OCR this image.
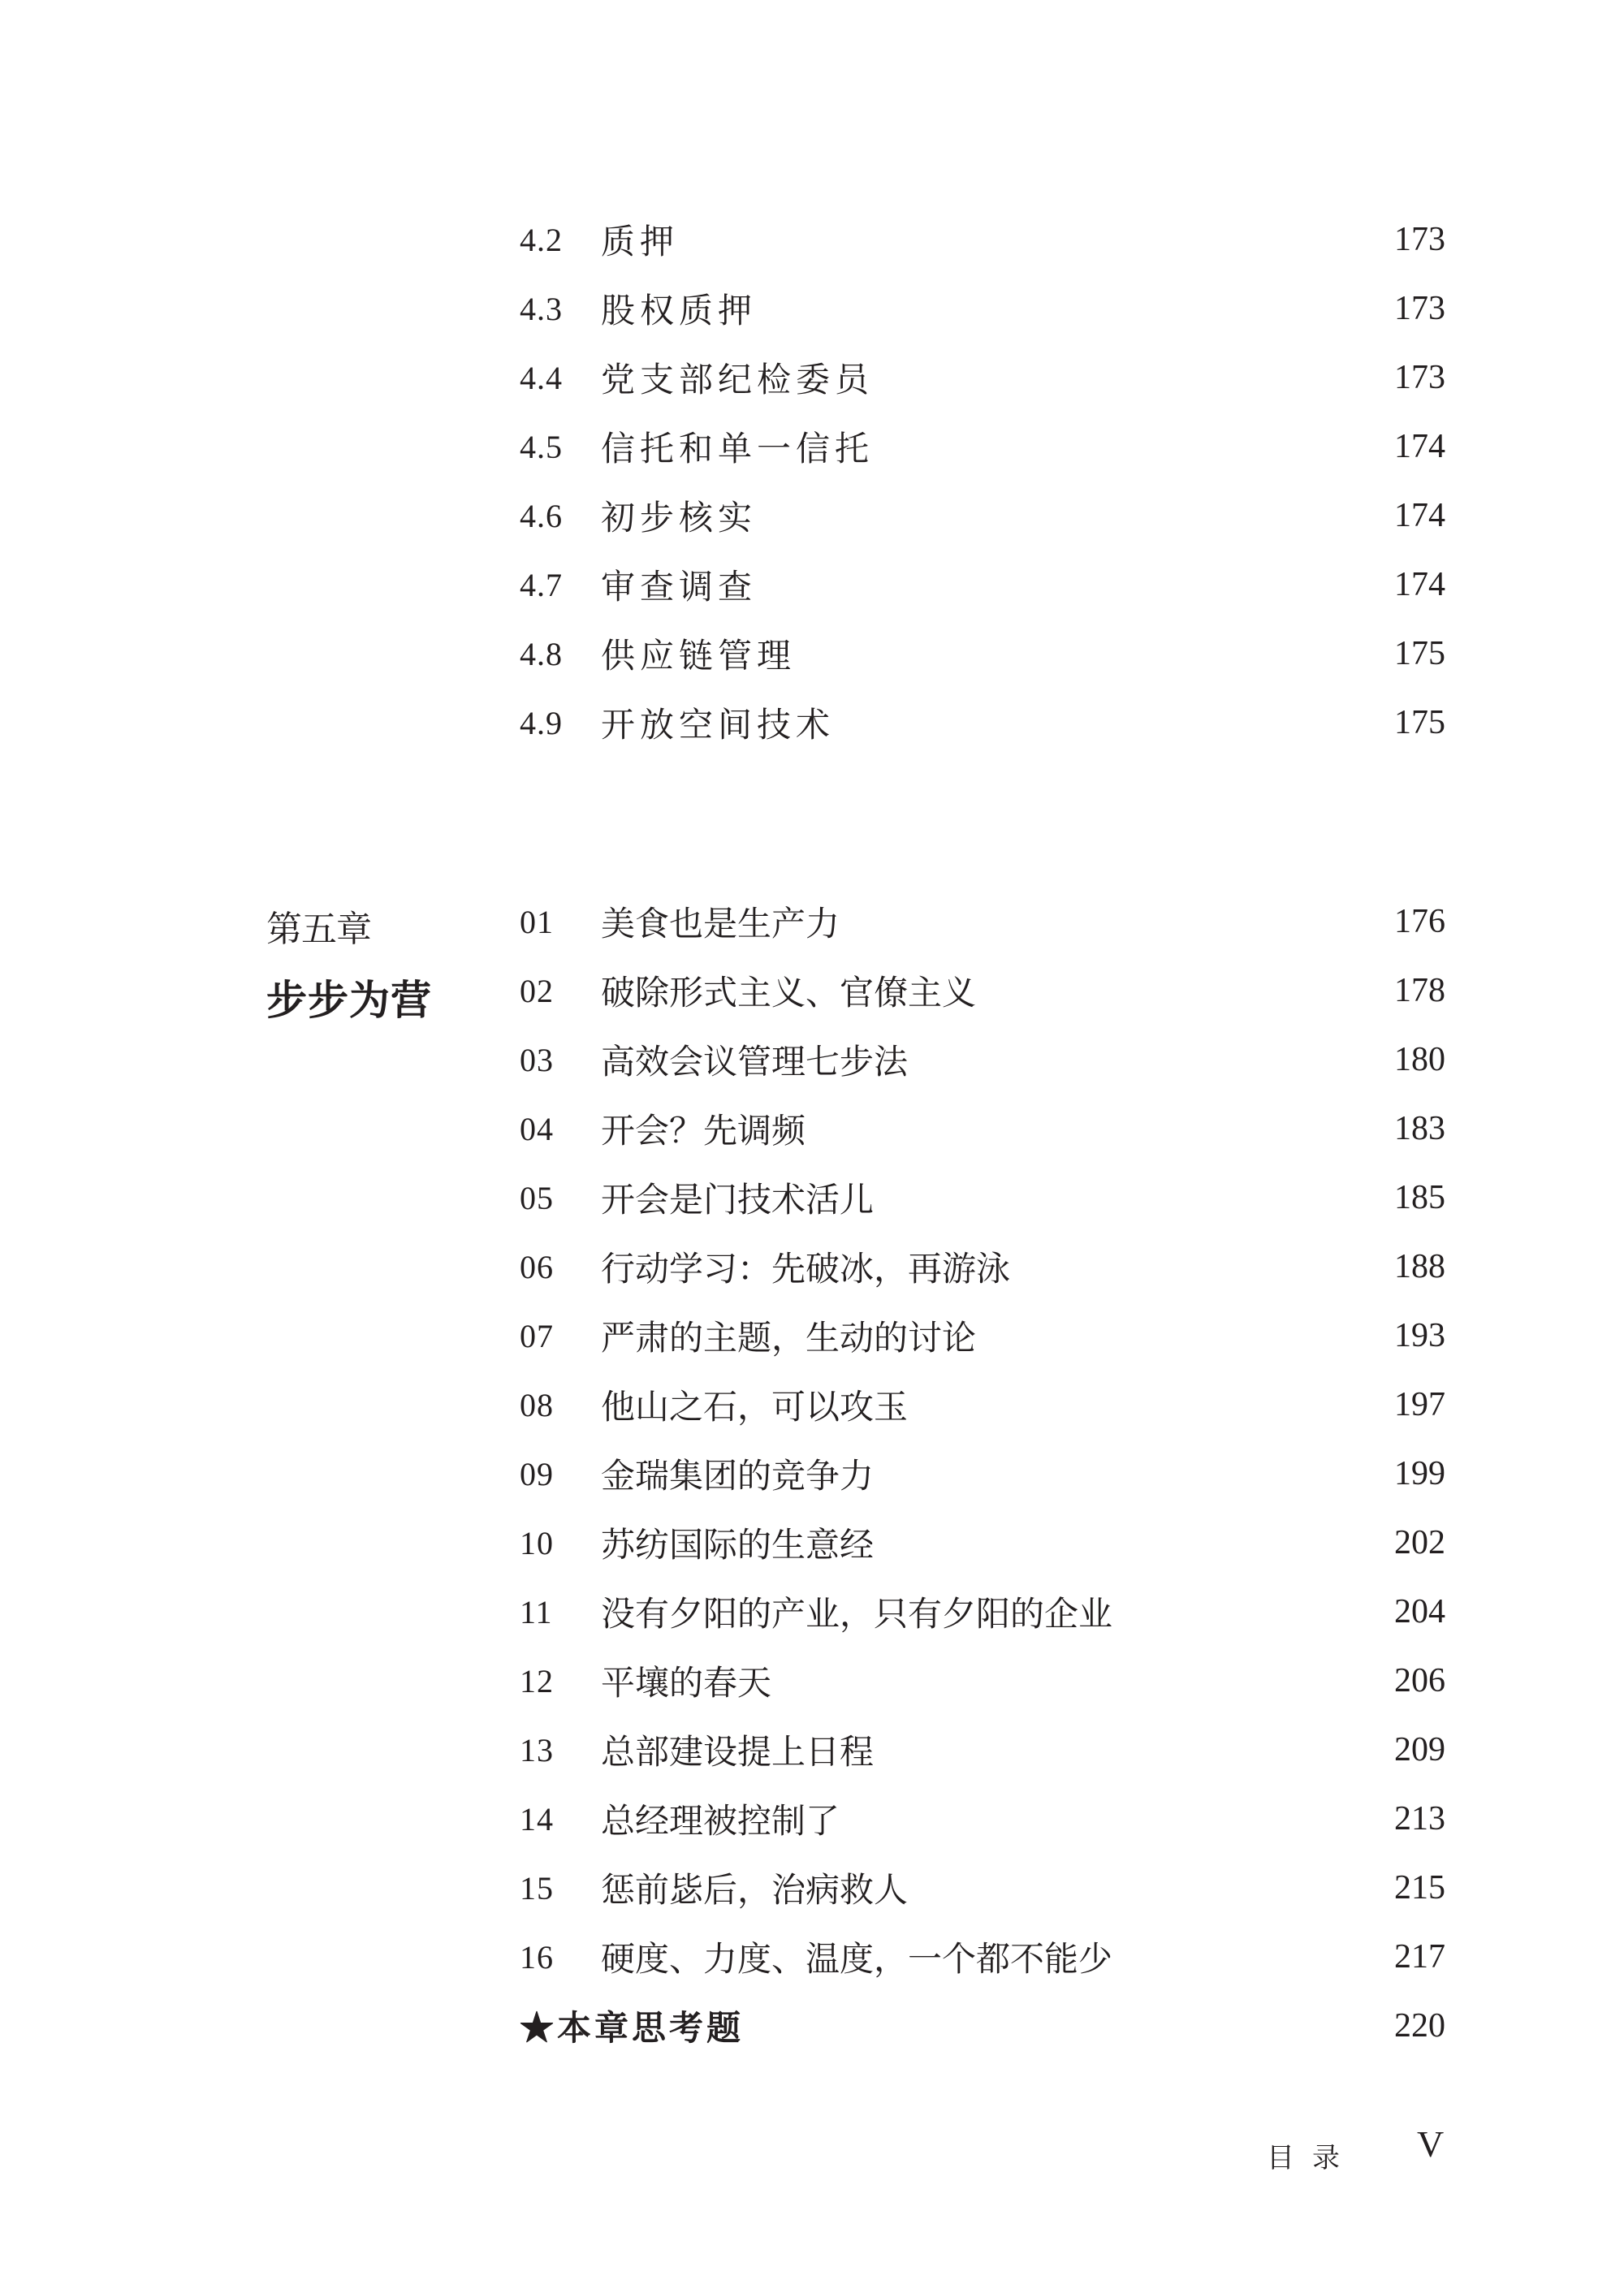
4.2	质押	173
4.3	股权质押	173
4.4	党支部纪检委员	173
4.5	信托和单一信托	174
4.6	初步核实	174
4.7	审查调查	174
4.8	供应链管理	175
4.9	开放空间技术	175
第五章
步步为营
01	美食也是生产力	176
02	破除形式主义、官僚主义	178
03	高效会议管理七步法	180
04	开会？先调频	183
05	开会是门技术活儿	185
06	行动学习：先破冰，再游泳	188
07	严肃的主题，生动的讨论	193
08	他山之石，可以攻玉	197
09	金瑞集团的竞争力	199
10	苏纺国际的生意经	202
11	没有夕阳的产业，只有夕阳的企业	204
12	平壤的春天	206
13	总部建设提上日程	209
14	总经理被控制了	213
15	惩前毖后，治病救人	215
16	硬度、力度、温度，一个都不能少	217
★本章思考题	220
目录 V
